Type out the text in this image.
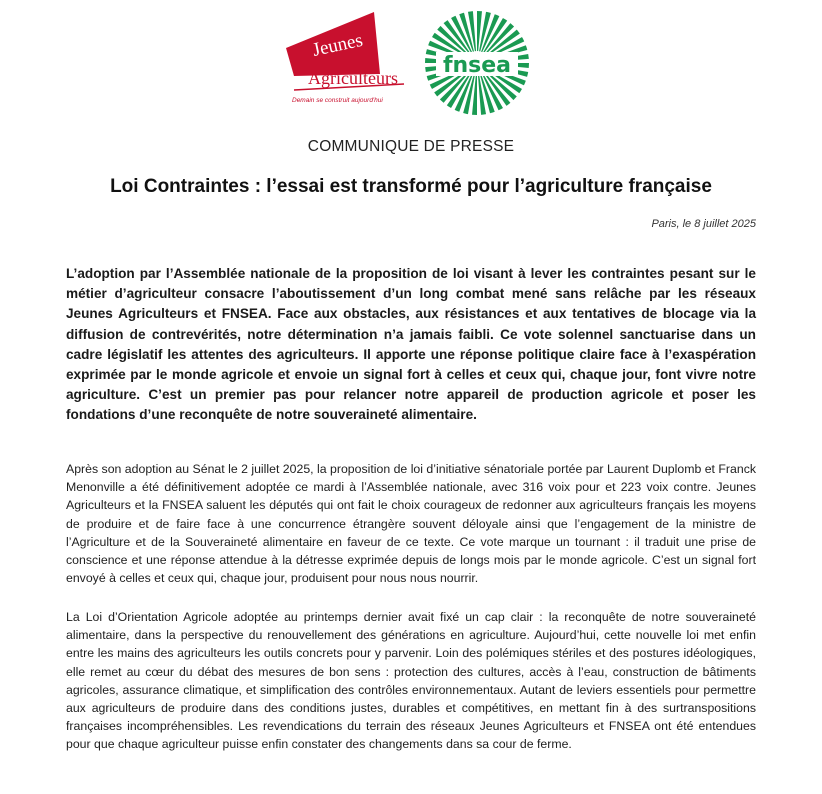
Jeunes
Agriculteurs
Demain se construit aujourd'hui
fnsea
COMMUNIQUE DE PRESSE
Loi Contraintes : l’essai est transformé pour l’agriculture française
Paris, le 8 juillet 2025

L’adoption par l’Assemblée nationale de la proposition de loi visant à lever les contraintes pesant sur le métier d’agriculteur consacre l’aboutissement d’un long combat mené sans relâche par les réseaux Jeunes Agriculteurs et FNSEA. Face aux obstacles, aux résistances et aux tentatives de blocage via la diffusion de contrevérités, notre détermination n’a jamais faibli. Ce vote solennel sanctuarise dans un cadre législatif les attentes des agriculteurs. Il apporte une réponse politique claire face à l’exaspération exprimée par le monde agricole et envoie un signal fort à celles et ceux qui, chaque jour, font vivre notre agriculture. C’est un premier pas pour relancer notre appareil de production agricole et poser les fondations d’une reconquête de notre souveraineté alimentaire.

Après son adoption au Sénat le 2 juillet 2025, la proposition de loi d’initiative sénatoriale portée par Laurent Duplomb et Franck Menonville a été définitivement adoptée ce mardi à l’Assemblée nationale, avec 316 voix pour et 223 voix contre. Jeunes Agriculteurs et la FNSEA saluent les députés qui ont fait le choix courageux de redonner aux agriculteurs français les moyens de produire et de faire face à une concurrence étrangère souvent déloyale ainsi que l’engagement de la ministre de l’Agriculture et de la Souveraineté alimentaire en faveur de ce texte. Ce vote marque un tournant : il traduit une prise de conscience et une réponse attendue à la détresse exprimée depuis de longs mois par le monde agricole. C’est un signal fort envoyé à celles et ceux qui, chaque jour, produisent pour nous nous nourrir.

La Loi d’Orientation Agricole adoptée au printemps dernier avait fixé un cap clair : la reconquête de notre souveraineté alimentaire, dans la perspective du renouvellement des générations en agriculture. Aujourd’hui, cette nouvelle loi met enfin entre les mains des agriculteurs les outils concrets pour y parvenir. Loin des polémiques stériles et des postures idéologiques, elle remet au cœur du débat des mesures de bon sens : protection des cultures, accès à l’eau, construction de bâtiments agricoles, assurance climatique, et simplification des contrôles environnementaux. Autant de leviers essentiels pour permettre aux agriculteurs de produire dans des conditions justes, durables et compétitives, en mettant fin à des surtranspositions françaises incompréhensibles. Les revendications du terrain des réseaux Jeunes Agriculteurs et FNSEA ont été entendues pour que chaque agriculteur puisse enfin constater des changements dans sa cour de ferme.
